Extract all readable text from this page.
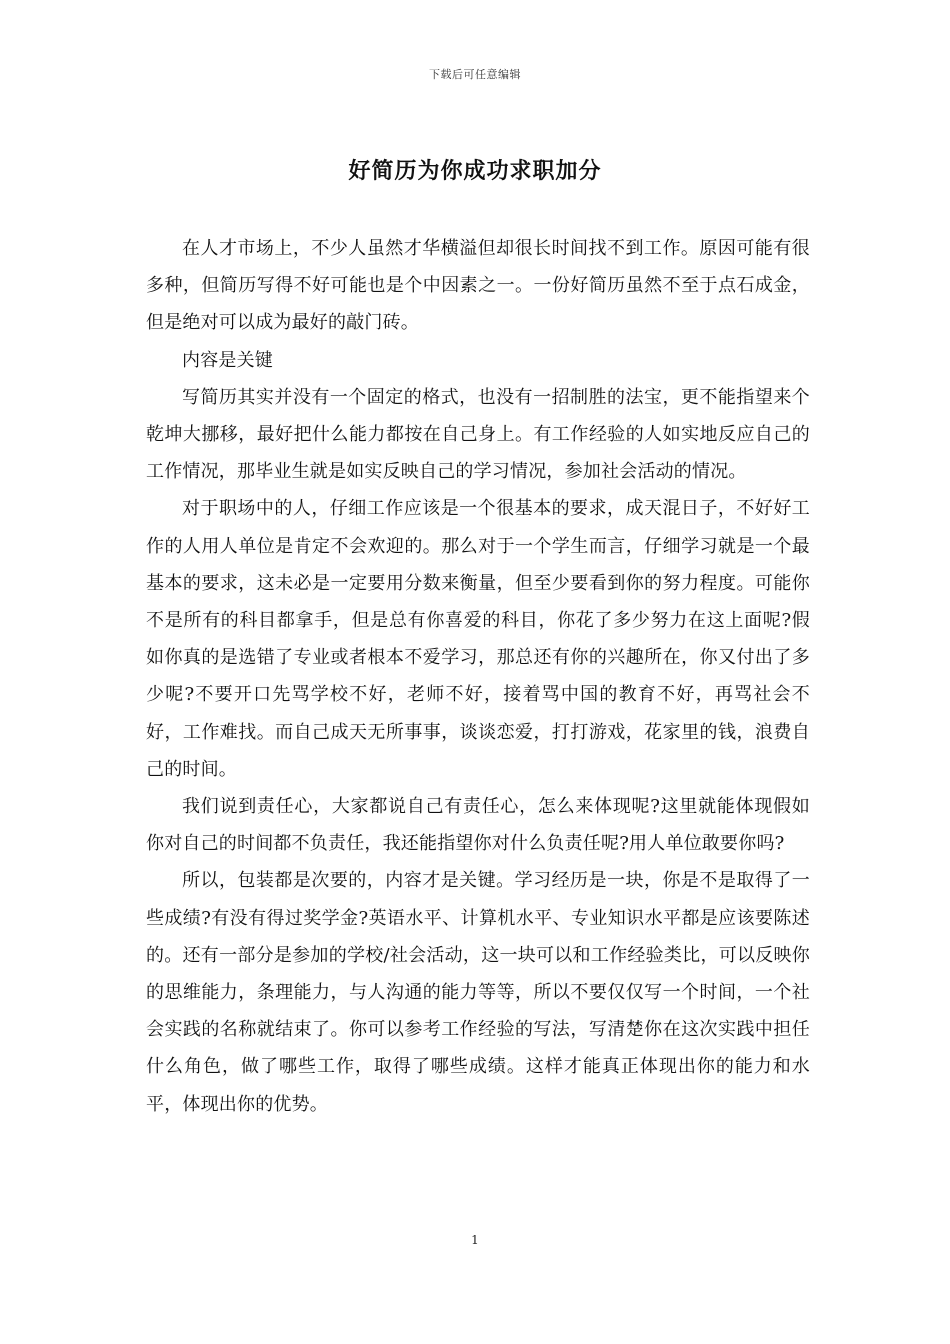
下载后可任意编辑
好简历为你成功求职加分

在人才市场上，不少人虽然才华横溢但却很长时间找不到工作。原因可能有很多种，但简历写得不好可能也是个中因素之一。一份好简历虽然不至于点石成金，但是绝对可以成为最好的敲门砖。

内容是关键

写简历其实并没有一个固定的格式，也没有一招制胜的法宝，更不能指望来个乾坤大挪移，最好把什么能力都按在自己身上。有工作经验的人如实地反应自己的工作情况，那毕业生就是如实反映自己的学习情况，参加社会活动的情况。

对于职场中的人，仔细工作应该是一个很基本的要求，成天混日子，不好好工作的人用人单位是肯定不会欢迎的。那么对于一个学生而言，仔细学习就是一个最基本的要求，这未必是一定要用分数来衡量，但至少要看到你的努力程度。可能你不是所有的科目都拿手，但是总有你喜爱的科目，你花了多少努力在这上面呢?假如你真的是选错了专业或者根本不爱学习，那总还有你的兴趣所在，你又付出了多少呢?不要开口先骂学校不好，老师不好，接着骂中国的教育不好，再骂社会不好，工作难找。而自己成天无所事事，谈谈恋爱，打打游戏，花家里的钱，浪费自己的时间。

我们说到责任心，大家都说自己有责任心，怎么来体现呢?这里就能体现假如你对自己的时间都不负责任，我还能指望你对什么负责任呢?用人单位敢要你吗?

所以，包装都是次要的，内容才是关键。学习经历是一块，你是不是取得了一些成绩?有没有得过奖学金?英语水平、计算机水平、专业知识水平都是应该要陈述的。还有一部分是参加的学校/社会活动，这一块可以和工作经验类比，可以反映你的思维能力，条理能力，与人沟通的能力等等，所以不要仅仅写一个时间，一个社会实践的名称就结束了。你可以参考工作经验的写法，写清楚你在这次实践中担任什么角色，做了哪些工作，取得了哪些成绩。这样才能真正体现出你的能力和水平，体现出你的优势。

1
